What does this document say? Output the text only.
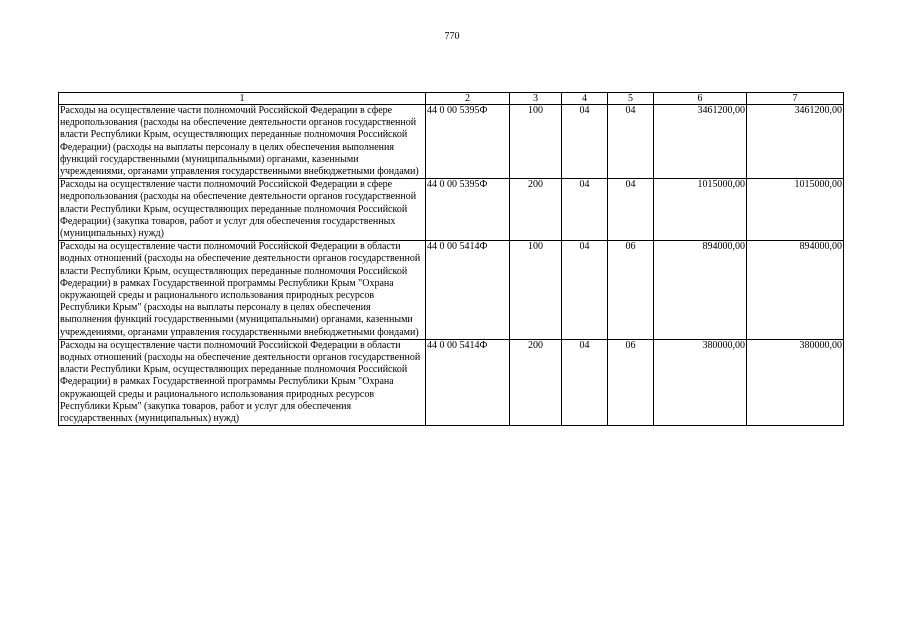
770
1	2	3	4	5	6	7
Расходы на осуществление части полномочий Российской Федерации в сфере недропользования (расходы на обеспечение деятельности органов государственной власти Республики Крым, осуществляющих переданные полномочия Российской Федерации) (расходы на выплаты персоналу в целях обеспечения выполнения функций государственными (муниципальными) органами, казенными учреждениями, органами управления государственными внебюджетными фондами)	44 0 00 5395Ф	100	04	04	3461200,00	3461200,00
Расходы на осуществление части полномочий Российской Федерации в сфере недропользования (расходы на обеспечение деятельности органов государственной власти Республики Крым, осуществляющих переданные полномочия Российской Федерации) (закупка товаров, работ и услуг для обеспечения государственных (муниципальных) нужд)	44 0 00 5395Ф	200	04	04	1015000,00	1015000,00
Расходы на осуществление части полномочий Российской Федерации в области водных отношений (расходы на обеспечение деятельности органов государственной власти Республики Крым, осуществляющих переданные полномочия Российской Федерации) в рамках Государственной программы Республики Крым "Охрана окружающей среды и рационального использования природных ресурсов Республики Крым" (расходы на выплаты персоналу в целях обеспечения выполнения функций государственными (муниципальными) органами, казенными учреждениями, органами управления государственными внебюджетными фондами)	44 0 00 5414Ф	100	04	06	894000,00	894000,00
Расходы на осуществление части полномочий Российской Федерации в области водных отношений (расходы на обеспечение деятельности органов государственной власти Республики Крым, осуществляющих переданные полномочия Российской Федерации) в рамках Государственной программы Республики Крым "Охрана окружающей среды и рационального использования природных ресурсов Республики Крым" (закупка товаров, работ и услуг для обеспечения государственных (муниципальных) нужд)	44 0 00 5414Ф	200	04	06	380000,00	380000,00
